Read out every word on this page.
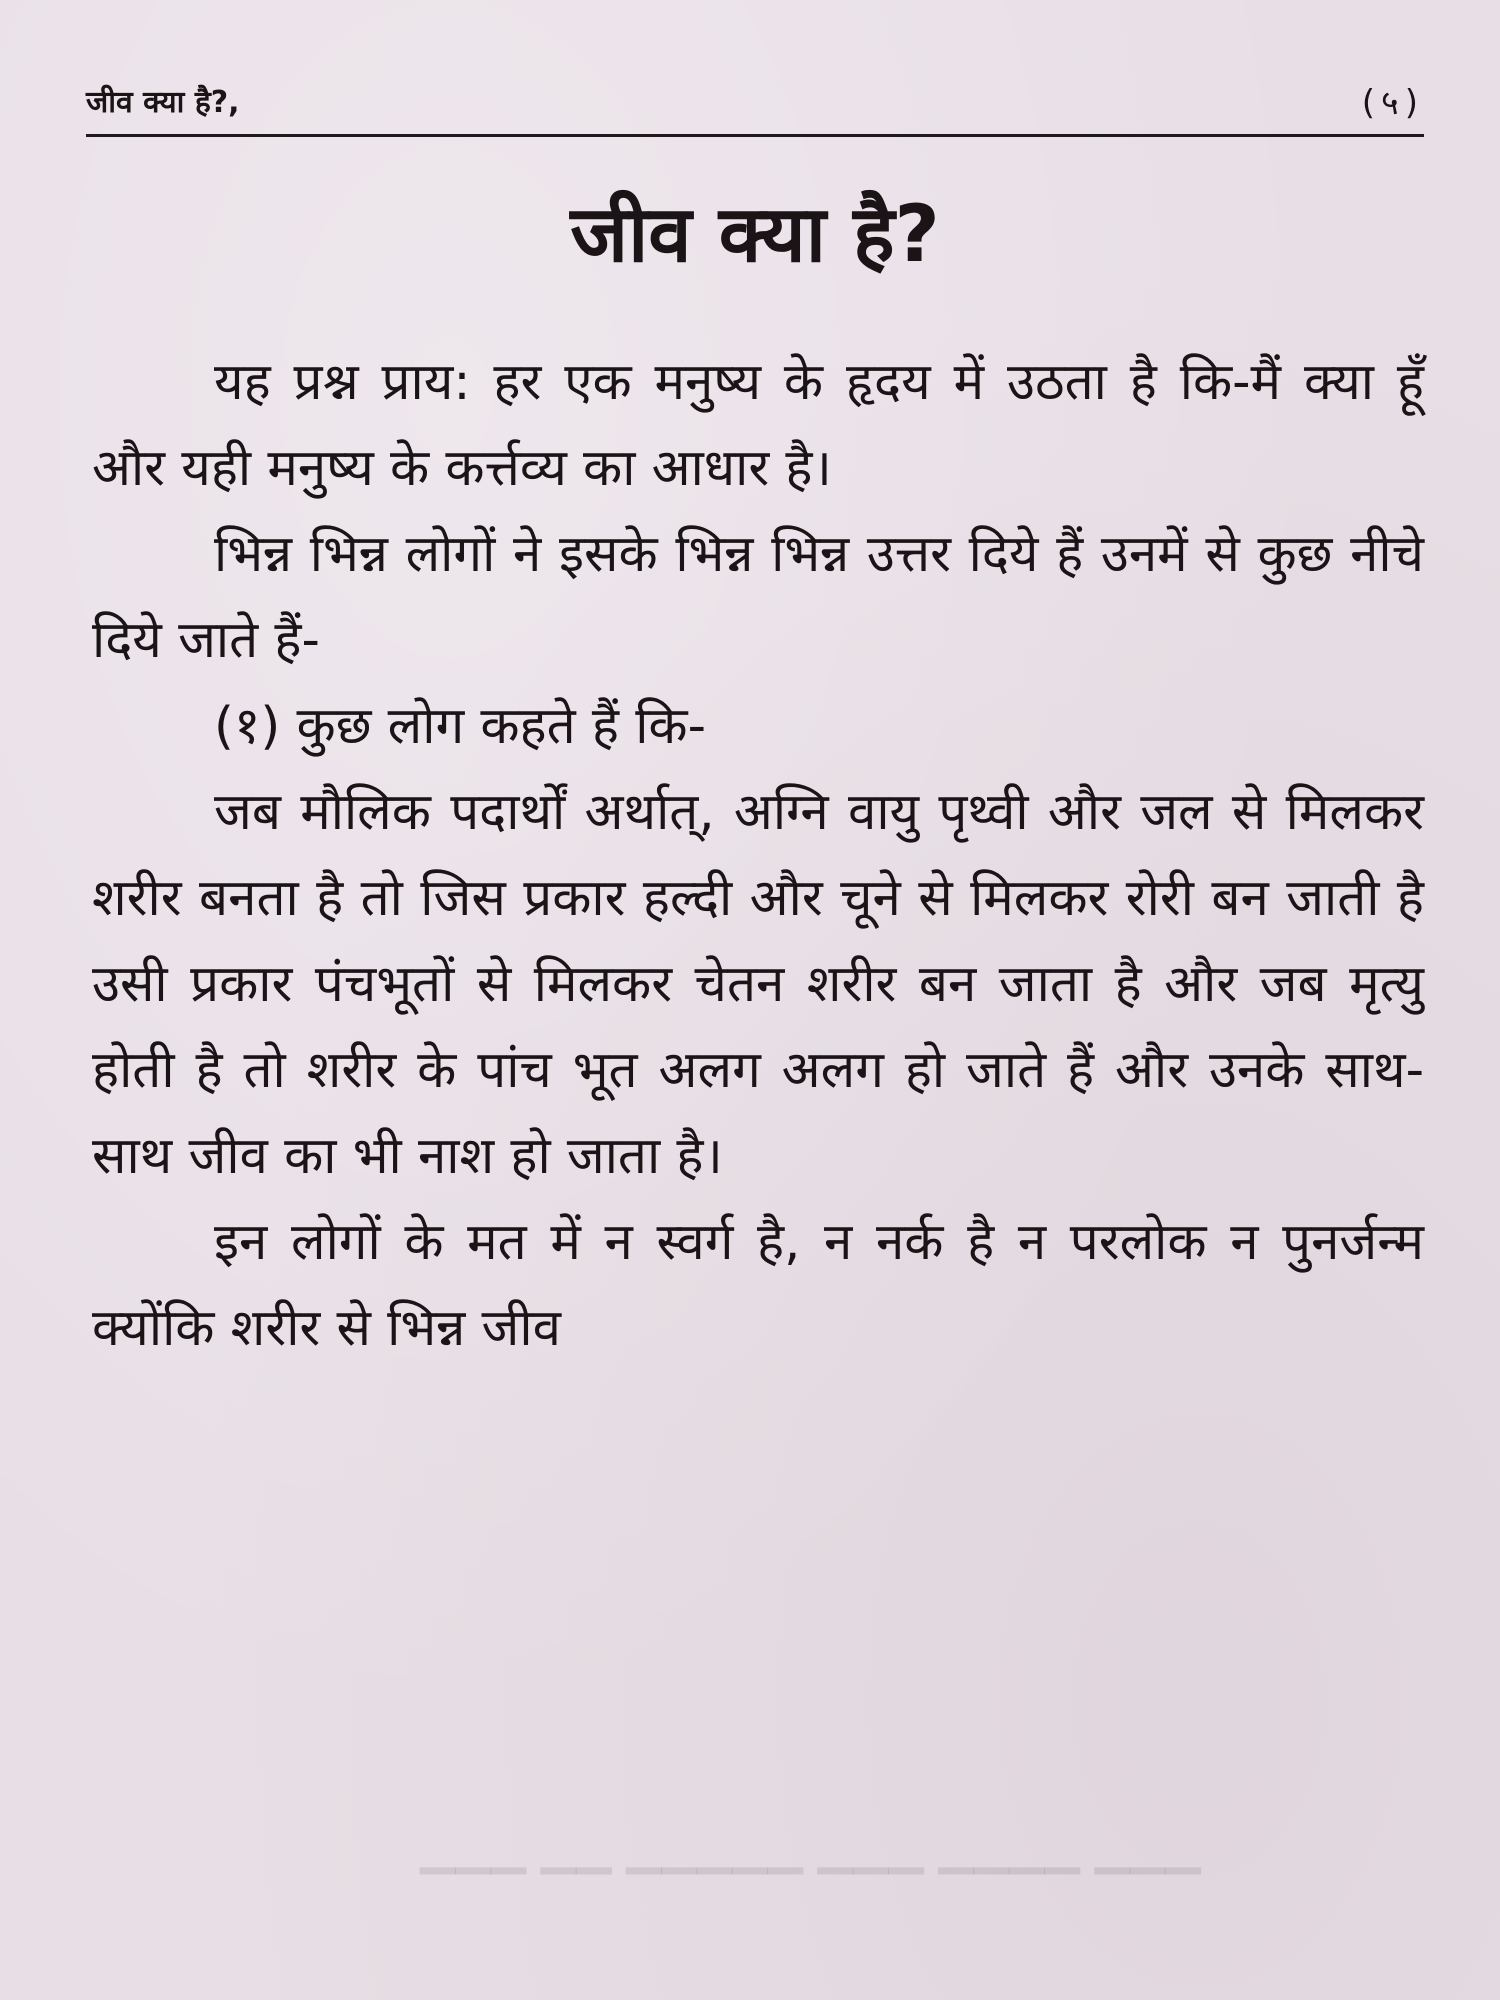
जीव क्या है?,	(५)
जीव क्या है?

यह प्रश्न प्राय: हर एक मनुष्य के हृदय में उठता है कि-मैं क्या हूँ और यही मनुष्य के कर्त्तव्य का आधार है।

भिन्न भिन्न लोगों ने इसके भिन्न भिन्न उत्तर दिये हैं उनमें से कुछ नीचे दिये जाते हैं-

(१) कुछ लोग कहते हैं कि-

जब मौलिक पदार्थों अर्थात्, अग्नि वायु पृथ्वी और जल से मिलकर शरीर बनता है तो जिस प्रकार हल्दी और चूने से मिलकर रोरी बन जाती है उसी प्रकार पंचभूतों से मिलकर चेतन शरीर बन जाता है और जब मृत्यु होती है तो शरीर के पांच भूत अलग अलग हो जाते हैं और उनके साथ-साथ जीव का भी नाश हो जाता है।

इन लोगों के मत में न स्वर्ग है, न नर्क है न परलोक न पुनर्जन्म क्योंकि शरीर से भिन्न जीव

▁▁▁ ▁▁▁▁ ▁▁▁ ▁▁▁▁▁ ▁▁ ▁▁▁
